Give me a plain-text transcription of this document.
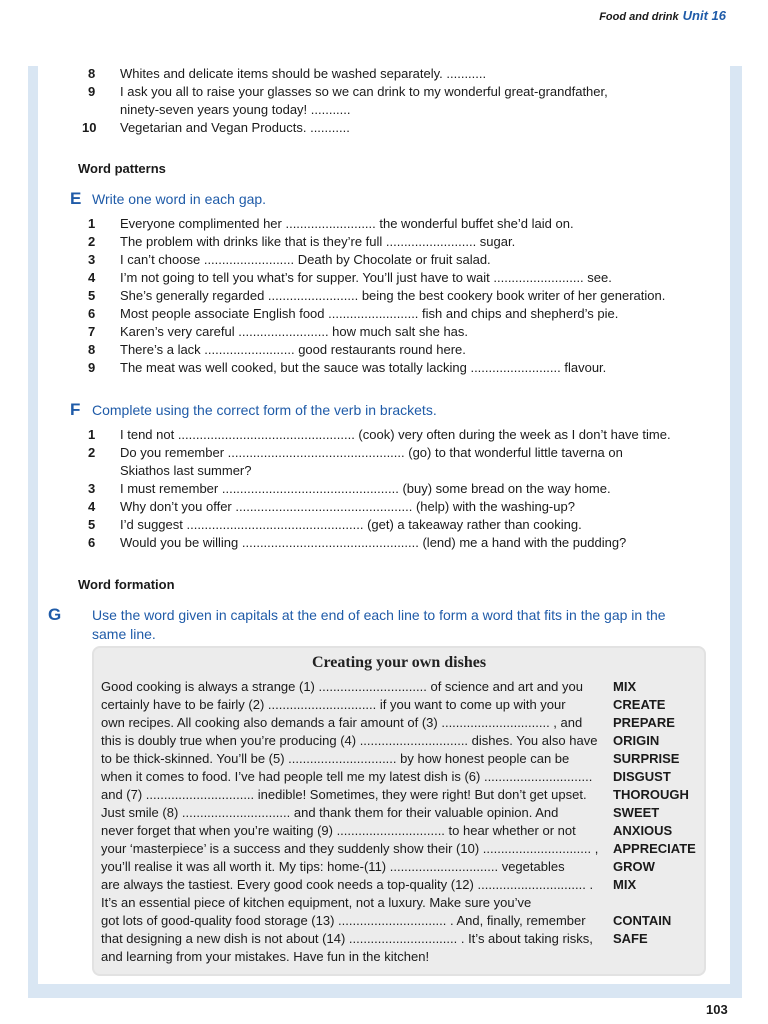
Food and drink Unit 16
8	Whites and delicate items should be washed separately. ...........
9	I ask you all to raise your glasses so we can drink to my wonderful great-grandfather,
ninety-seven years young today! ...........
10	Vegetarian and Vegan Products. ...........
Word patterns
E Write one word in each gap.
1	Everyone complimented her ......................... the wonderful buffet she’d laid on.
2	The problem with drinks like that is they’re full ......................... sugar.
3	I can’t choose ......................... Death by Chocolate or fruit salad.
4	I’m not going to tell you what’s for supper. You’ll just have to wait ......................... see.
5	She’s generally regarded ......................... being the best cookery book writer of her generation.
6	Most people associate English food ......................... fish and chips and shepherd’s pie.
7	Karen’s very careful ......................... how much salt she has.
8	There’s a lack ......................... good restaurants round here.
9	The meat was well cooked, but the sauce was totally lacking ......................... flavour.
F Complete using the correct form of the verb in brackets.
1	I tend not ................................................. (cook) very often during the week as I don’t have time.
2	Do you remember ................................................. (go) to that wonderful little taverna on
Skiathos last summer?
3	I must remember ................................................. (buy) some bread on the way home.
4	Why don’t you offer ................................................. (help) with the washing-up?
5	I’d suggest ................................................. (get) a takeaway rather than cooking.
6	Would you be willing ................................................. (lend) me a hand with the pudding?
Word formation
G Use the word given in capitals at the end of each line to form a word that fits in the gap in the same line.
Creating your own dishes
Good cooking is always a strange (1) .............................. of science and art and you	MIX
certainly have to be fairly (2) .............................. if you want to come up with your	CREATE
own recipes. All cooking also demands a fair amount of (3) .............................. , and	PREPARE
this is doubly true when you’re producing (4) .............................. dishes. You also have	ORIGIN
to be thick-skinned. You’ll be (5) .............................. by how honest people can be	SURPRISE
when it comes to food. I’ve had people tell me my latest dish is (6) ..............................	DISGUST
and (7) .............................. inedible! Sometimes, they were right! But don’t get upset.	THOROUGH
Just smile (8) .............................. and thank them for their valuable opinion. And	SWEET
never forget that when you’re waiting (9) .............................. to hear whether or not	ANXIOUS
your ‘masterpiece’ is a success and they suddenly show their (10) .............................. ,	APPRECIATE
you’ll realise it was all worth it. My tips: home-(11) .............................. vegetables	GROW
are always the tastiest. Every good cook needs a top-quality (12) .............................. .	MIX
It’s an essential piece of kitchen equipment, not a luxury. Make sure you’ve
got lots of good-quality food storage (13) .............................. . And, finally, remember	CONTAIN
that designing a new dish is not about (14) .............................. . It’s about taking risks,	SAFE
and learning from your mistakes. Have fun in the kitchen!
103
